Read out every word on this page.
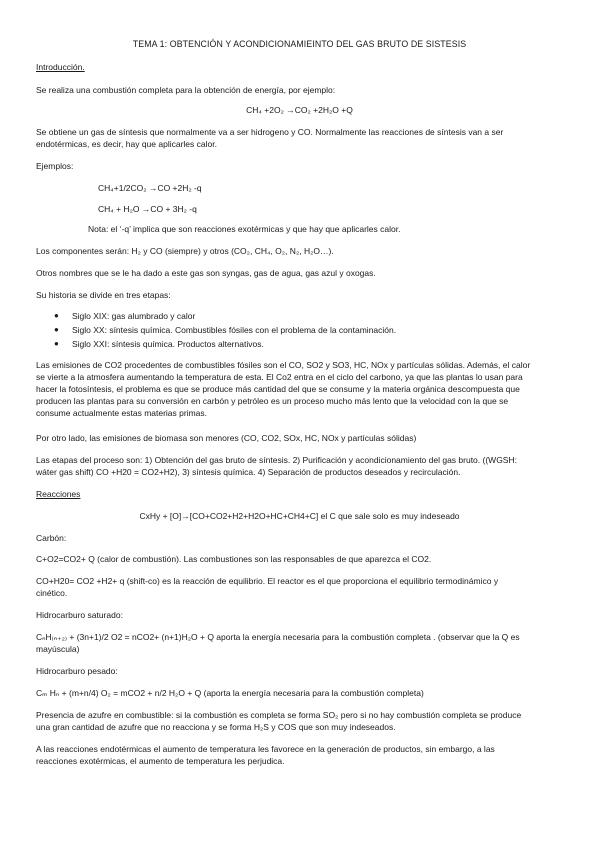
TEMA 1: OBTENCIÓN Y ACONDICIONAMIEINTO DEL GAS BRUTO DE SISTESIS
Introducción.
Se realiza una combustión completa para la obtención de energía, por ejemplo:
CH₄ +2O₂ →CO₂ +2H₂O +Q
Se obtiene un gas de síntesis que normalmente va a ser hidrogeno y CO. Normalmente las reacciones de síntesis van a ser
endotérmicas, es decir, hay que aplicarles calor.
Ejemplos:
CH₄+1/2CO₂ →CO +2H₂ -q
CH₄ + H₂O →CO + 3H₂ -q
Nota: el ‘-q’ implica que son reacciones exotérmicas y que hay que aplicarles calor.
Los componentes serán: H₂ y CO (siempre) y otros (CO₂, CH₄, O₂, N₂, H₂O…).
Otros nombres que se le ha dado a este gas son syngas, gas de agua, gas azul y oxogas.
Su historia se divide en tres etapas:
● Siglo XIX: gas alumbrado y calor
● Siglo XX: síntesis química. Combustibles fósiles con el problema de la contaminación.
● Siglo XXI: síntesis química. Productos alternativos.
Las emisiones de CO2 procedentes de combustibles fósiles son el CO, SO2 y SO3, HC, NOx y partículas sólidas. Además, el calor
se vierte a la atmosfera aumentando la temperatura de esta. El Co2 entra en el ciclo del carbono, ya que las plantas lo usan para
hacer la fotosíntesis, el problema es que se produce más cantidad del que se consume y la materia orgánica descompuesta que
producen las plantas para su conversión en carbón y petróleo es un proceso mucho más lento que la velocidad con la que se
consume actualmente estas materias primas.
Por otro lado, las emisiones de biomasa son menores (CO, CO2, SOx, HC, NOx y partículas sólidas)
Las etapas del proceso son: 1) Obtención del gas bruto de síntesis. 2) Purificación y acondicionamiento del gas bruto. ((WGSH:
wáter gas shift) CO +H20 = CO2+H2), 3) síntesis química. 4) Separación de productos deseados y recirculación.
Reacciones
CxHy + [O]→[CO+CO2+H2+H2O+HC+CH4+C] el C que sale solo es muy indeseado
Carbón:
C+O2=CO2+ Q (calor de combustión). Las combustiones son las responsables de que aparezca el CO2.
CO+H20= CO2 +H2+ q (shift-co) es la reacción de equilibrio. El reactor es el que proporciona el equilibrio termodinámico y
cinético.
Hidrocarburo saturado:
CₙH₍ₙ₊₂₎ + (3n+1)/2 O2 = nCO2+ (n+1)H₂O + Q aporta la energía necesaria para la combustión completa . (observar que la Q es
mayúscula)
Hidrocarburo pesado:
Cₘ Hₙ + (m+n/4) O₂ = mCO2 + n/2 H₂O + Q (aporta la energía necesaria para la combustión completa)
Presencia de azufre en combustible: si la combustión es completa se forma SO₂ pero si no hay combustión completa se produce
una gran cantidad de azufre que no reacciona y se forma H₂S y COS que son muy indeseados.
A las reacciones endotérmicas el aumento de temperatura les favorece en la generación de productos, sin embargo, a las
reacciones exotérmicas, el aumento de temperatura les perjudica.
